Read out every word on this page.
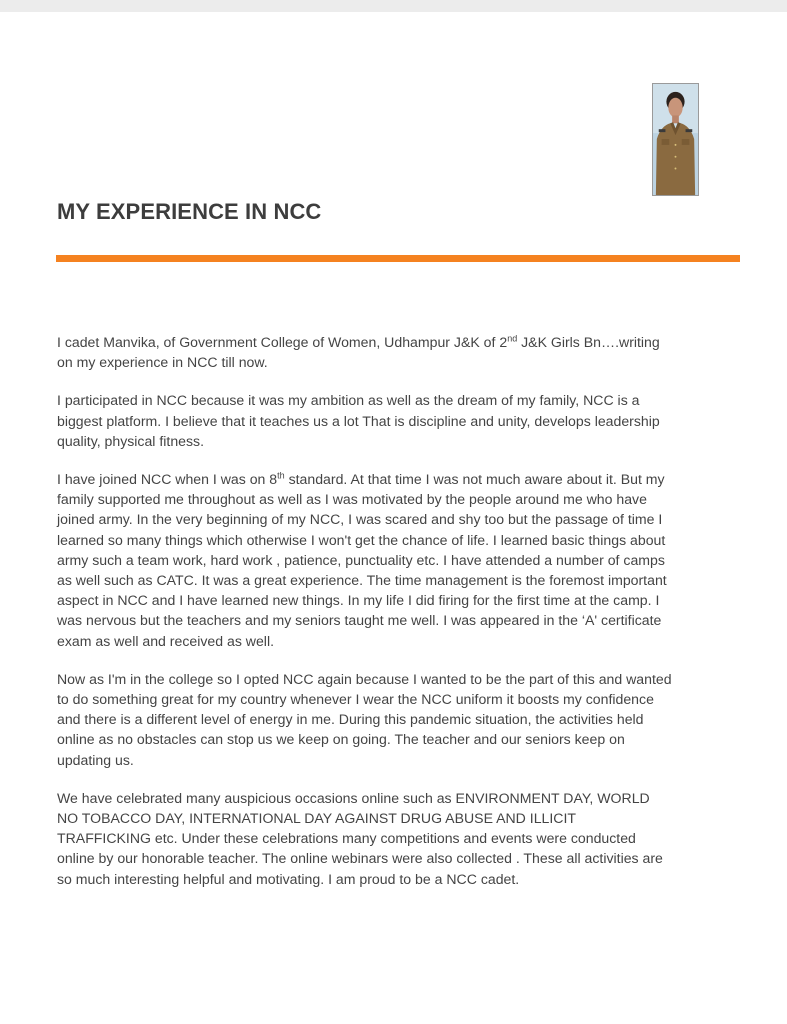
MY EXPERIENCE IN NCC

I cadet Manvika, of Government College of Women, Udhampur J&K of 2nd J&K Girls Bn….writing
on my experience in NCC till now.

I participated in NCC because it was my ambition as well as the dream of my family, NCC is a
biggest platform. I believe that it teaches us a lot That is discipline and unity, develops leadership
quality, physical fitness.

I have joined NCC when I was on 8th standard. At that time I was not much aware about it. But my
family supported me throughout as well as I was motivated by the people around me who have
joined army. In the very beginning of my NCC, I was scared and shy too but the passage of time I
learned so many things which otherwise I won't get the chance of life. I learned basic things about
army such a team work, hard work , patience, punctuality etc. I have attended a number of camps
as well such as CATC. It was a great experience. The time management is the foremost important
aspect in NCC and I have learned new things. In my life I did firing for the first time at the camp. I
was nervous but the teachers and my seniors taught me well. I was appeared in the ‘A' certificate
exam as well and received as well.

Now as I'm in the college so I opted NCC again because I wanted to be the part of this and wanted
to do something great for my country whenever I wear the NCC uniform it boosts my confidence
and there is a different level of energy in me. During this pandemic situation, the activities held
online as no obstacles can stop us we keep on going. The teacher and our seniors keep on
updating us.

We have celebrated many auspicious occasions online such as ENVIRONMENT DAY, WORLD
NO TOBACCO DAY, INTERNATIONAL DAY AGAINST DRUG ABUSE AND ILLICIT
TRAFFICKING etc. Under these celebrations many competitions and events were conducted
online by our honorable teacher. The online webinars were also collected . These all activities are
so much interesting helpful and motivating. I am proud to be a NCC cadet.
